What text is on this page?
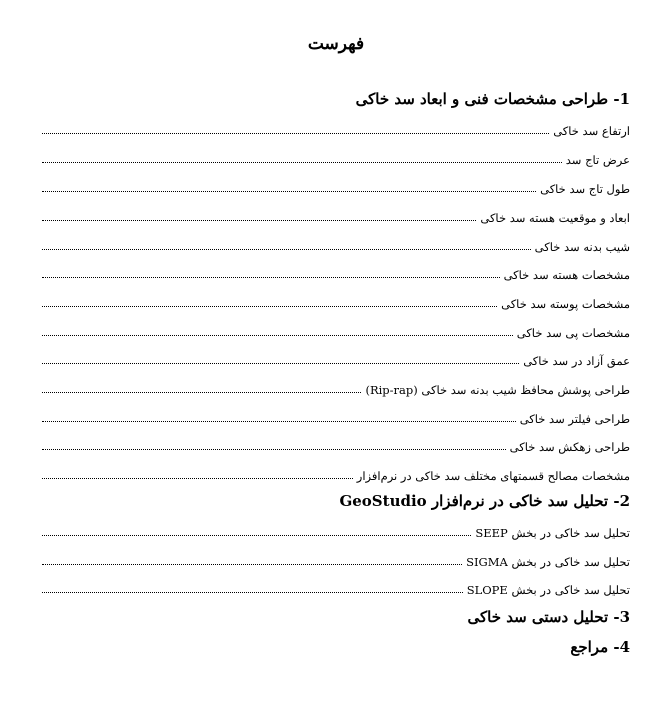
فهرست
1- طراحی مشخصات فنی و ابعاد سد خاکی
ارتفاع سد خاکی
عرض تاج سد
طول تاج سد خاکی
ابعاد و موقعیت هسته سد خاکی
شیب بدنه سد خاکی
مشخصات هسته سد خاکی
مشخصات پوسته سد خاکی
مشخصات پی سد خاکی
عمق آزاد در سد خاکی
طراحی پوشش محافظ شیب بدنه سد خاکی (Rip-rap)
طراحی فیلتر سد خاکی
طراحی زهکش سد خاکی
مشخصات مصالح قسمتهای مختلف سد خاکی در نرم‌افزار
2- تحلیل سد خاکی در نرم‌افزار GeoStudio
تحلیل سد خاکی در بخش SEEP
تحلیل سد خاکی در بخش SIGMA
تحلیل سد خاکی در بخش SLOPE
3- تحلیل دستی سد خاکی
4- مراجع
